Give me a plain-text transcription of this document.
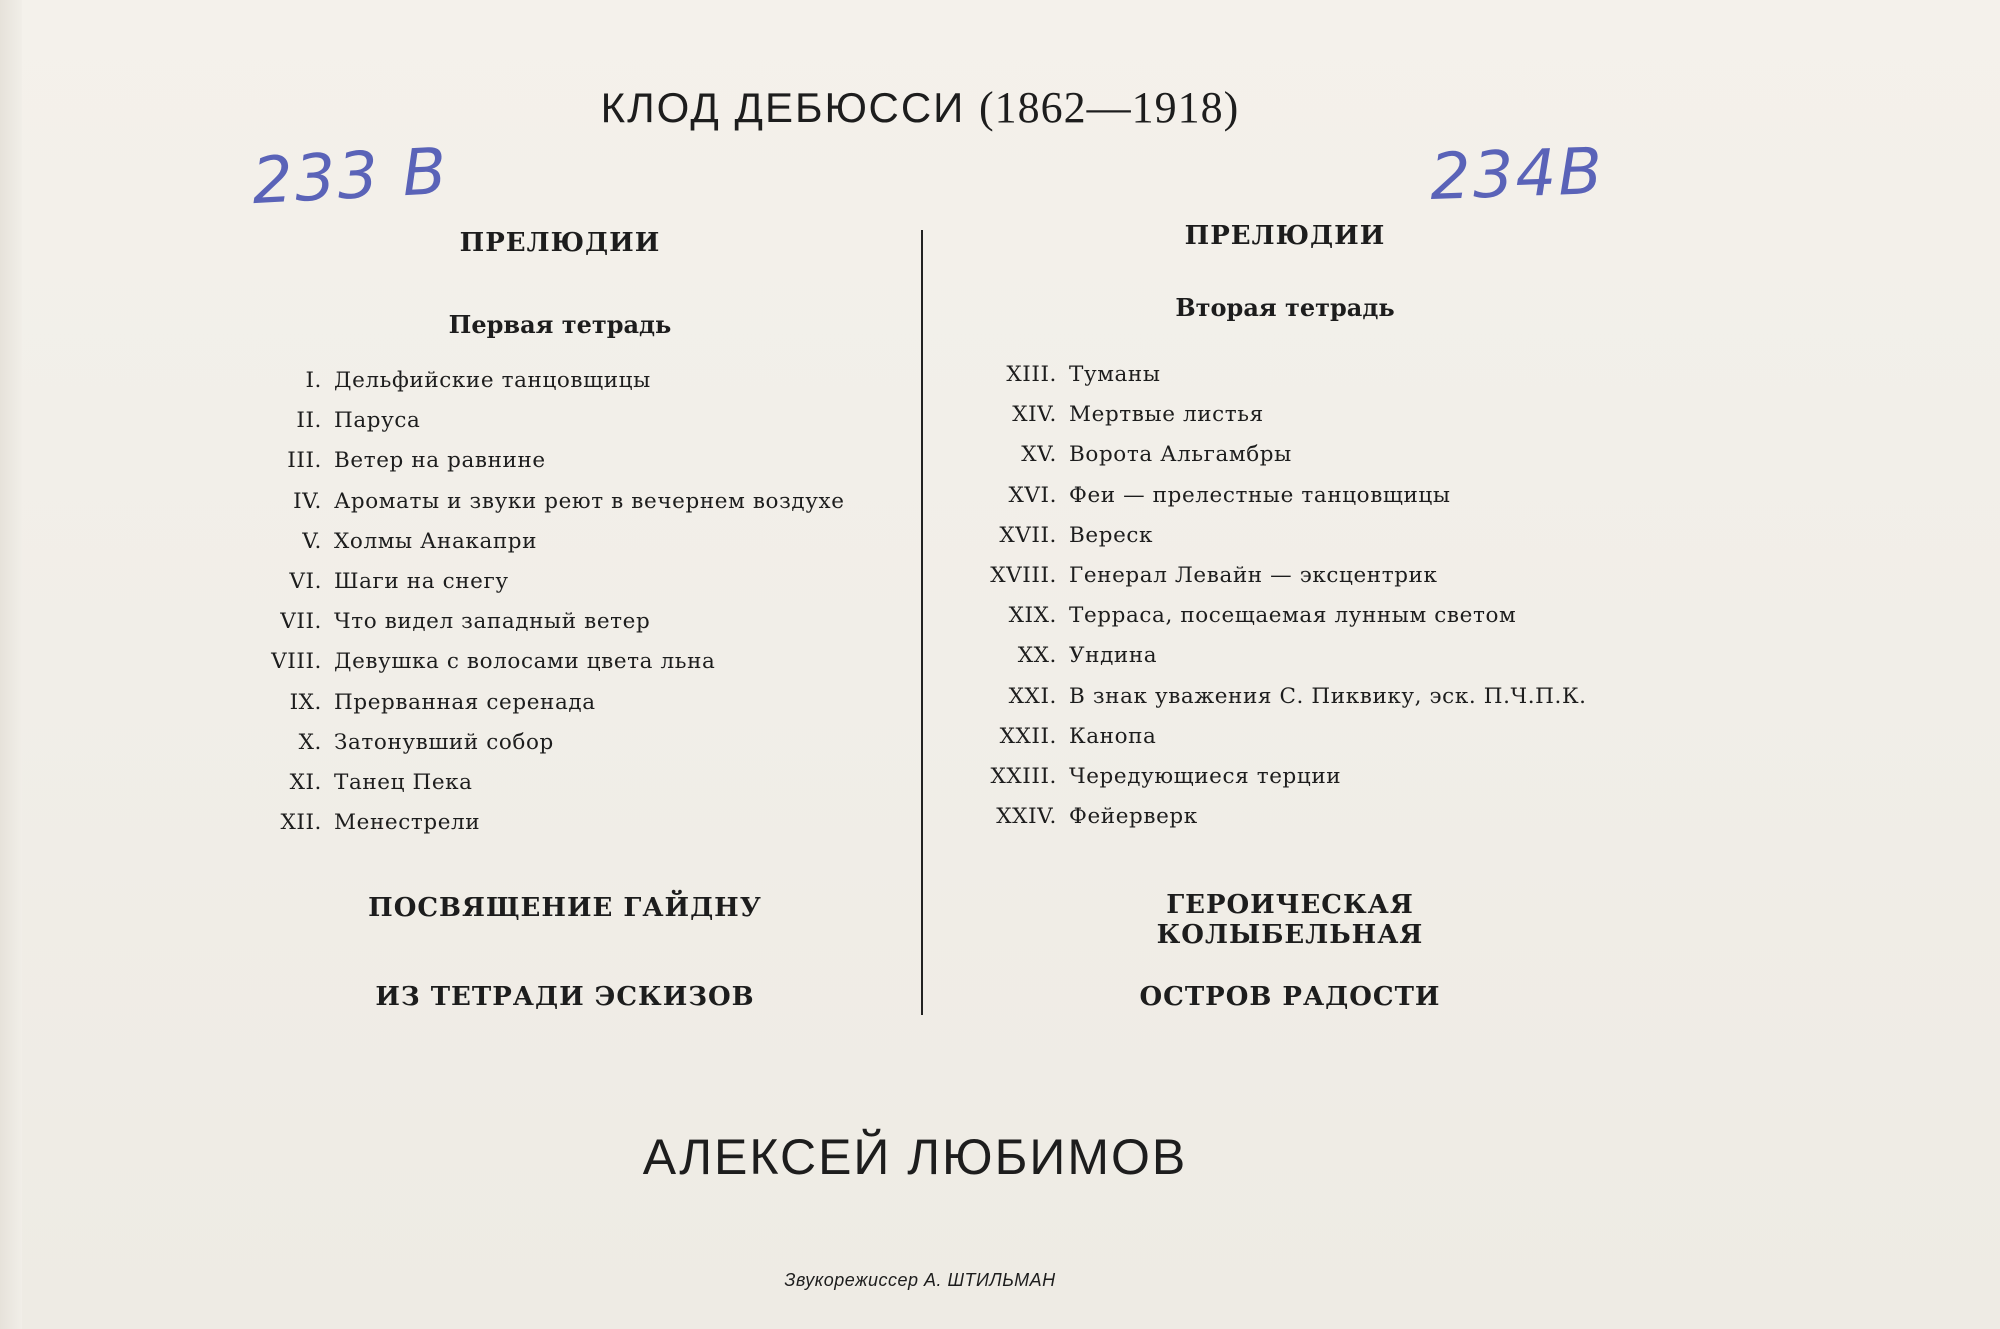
КЛОД ДЕБЮССИ (1862—1918)
233 В	234В
ПРЕЛЮДИИ
Первая тетрадь
I. Дельфийские танцовщицы
II. Паруса
III. Ветер на равнине
IV. Ароматы и звуки реют в вечернем воздухе
V. Холмы Анакапри
VI. Шаги на снегу
VII. Что видел западный ветер
VIII. Девушка с волосами цвета льна
IX. Прерванная серенада
X. Затонувший собор
XI. Танец Пека
XII. Менестрели
ПОСВЯЩЕНИЕ ГАЙДНУ
ИЗ ТЕТРАДИ ЭСКИЗОВ
ПРЕЛЮДИИ
Вторая тетрадь
XIII. Туманы
XIV. Мертвые листья
XV. Ворота Альгамбры
XVI. Феи — прелестные танцовщицы
XVII. Вереск
XVIII. Генерал Левайн — эксцентрик
XIX. Терраса, посещаемая лунным светом
XX. Ундина
XXI. В знак уважения С. Пиквику, эск. П.Ч.П.К.
XXII. Канопа
XXIII. Чередующиеся терции
XXIV. Фейерверк
ГЕРОИЧЕСКАЯ КОЛЫБЕЛЬНАЯ
ОСТРОВ РАДОСТИ
АЛЕКСЕЙ ЛЮБИМОВ
Звукорежиссер А. ШТИЛЬМАН
